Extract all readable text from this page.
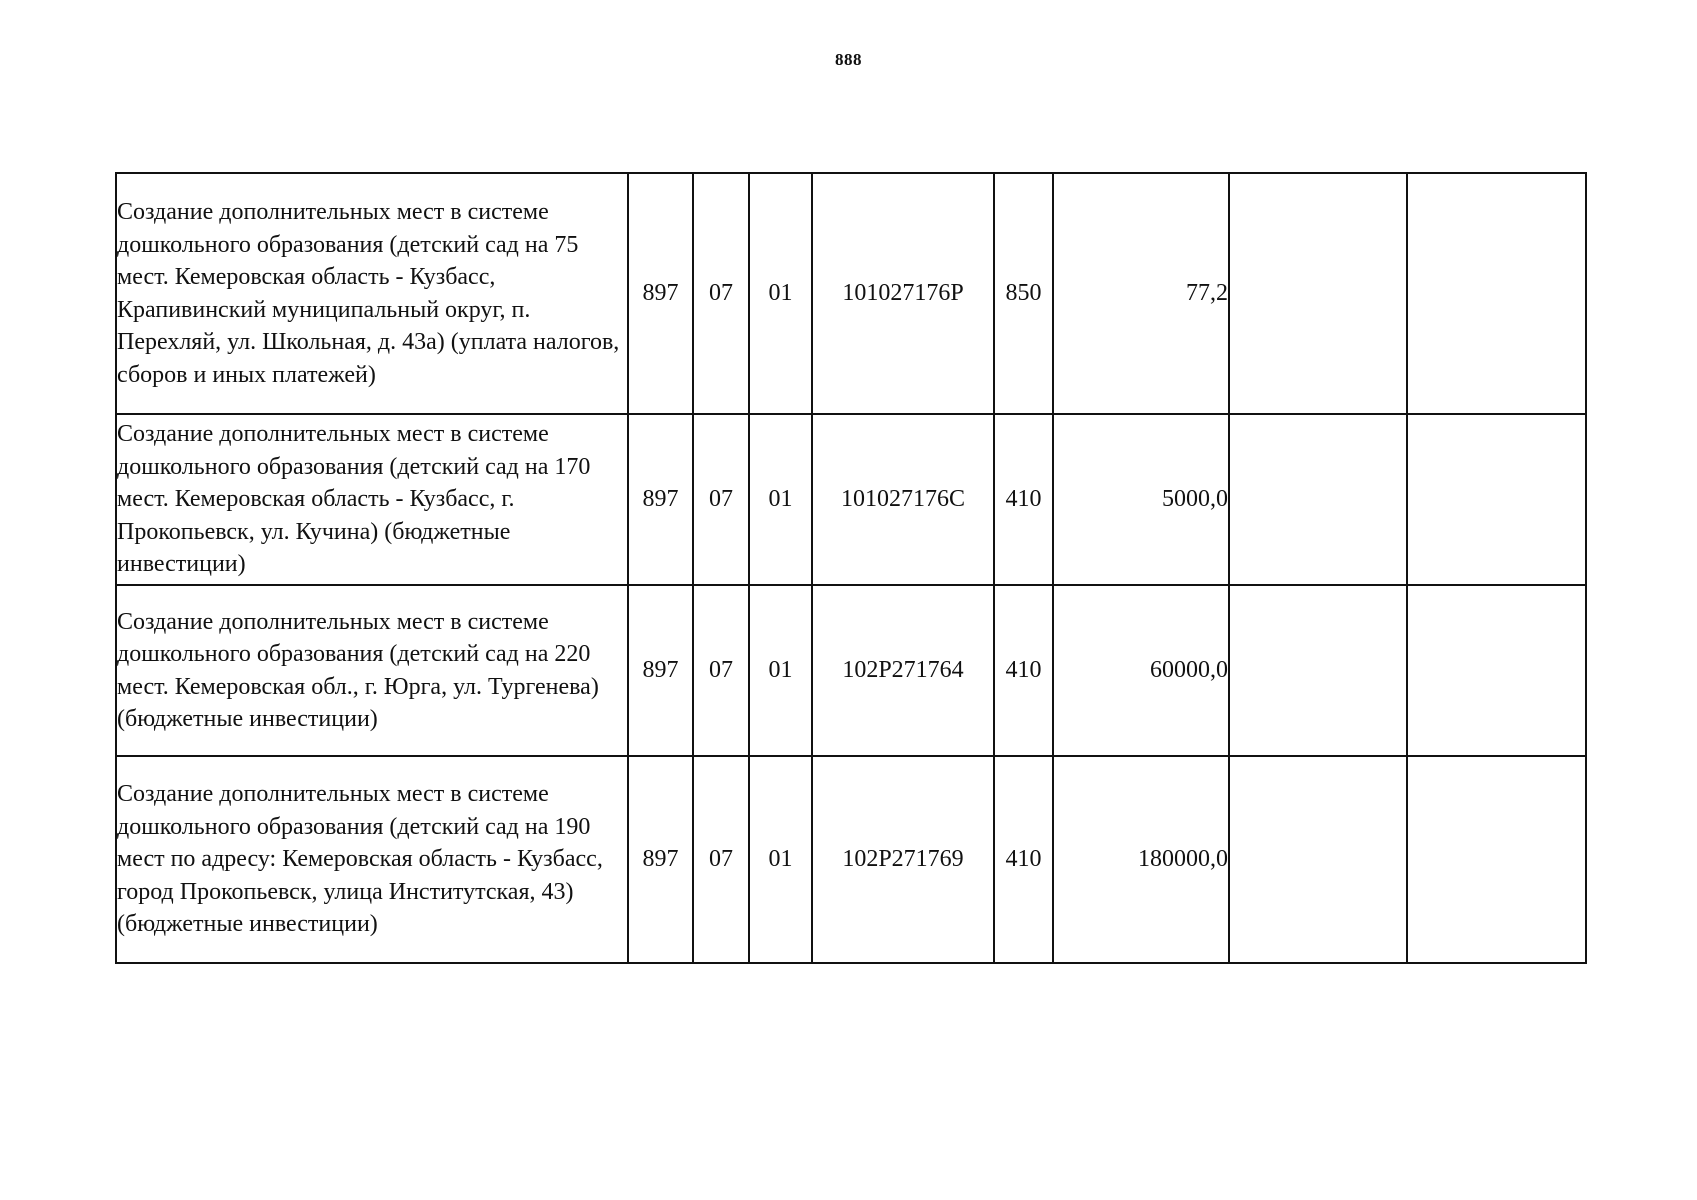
888
Создание дополнительных мест в системе дошкольного образования (детский сад на 75 мест. Кемеровская область - Кузбасс, Крапивинский муниципальный округ, п. Перехляй, ул. Школьная, д. 43а) (уплата налогов, сборов и иных платежей)	897	07	01	101027176Р	850	77,2		
Создание дополнительных мест в системе дошкольного образования (детский сад на 170 мест. Кемеровская область - Кузбасс, г. Прокопьевск, ул. Кучина) (бюджетные инвестиции)	897	07	01	101027176С	410	5000,0		
Создание дополнительных мест в системе дошкольного образования (детский сад на 220 мест. Кемеровская обл., г. Юрга, ул. Тургенева) (бюджетные инвестиции)	897	07	01	102Р271764	410	60000,0		
Создание дополнительных мест в системе дошкольного образования (детский сад на 190 мест по адресу: Кемеровская область - Кузбасс, город Прокопьевск, улица Институтская, 43) (бюджетные инвестиции)	897	07	01	102Р271769	410	180000,0		
